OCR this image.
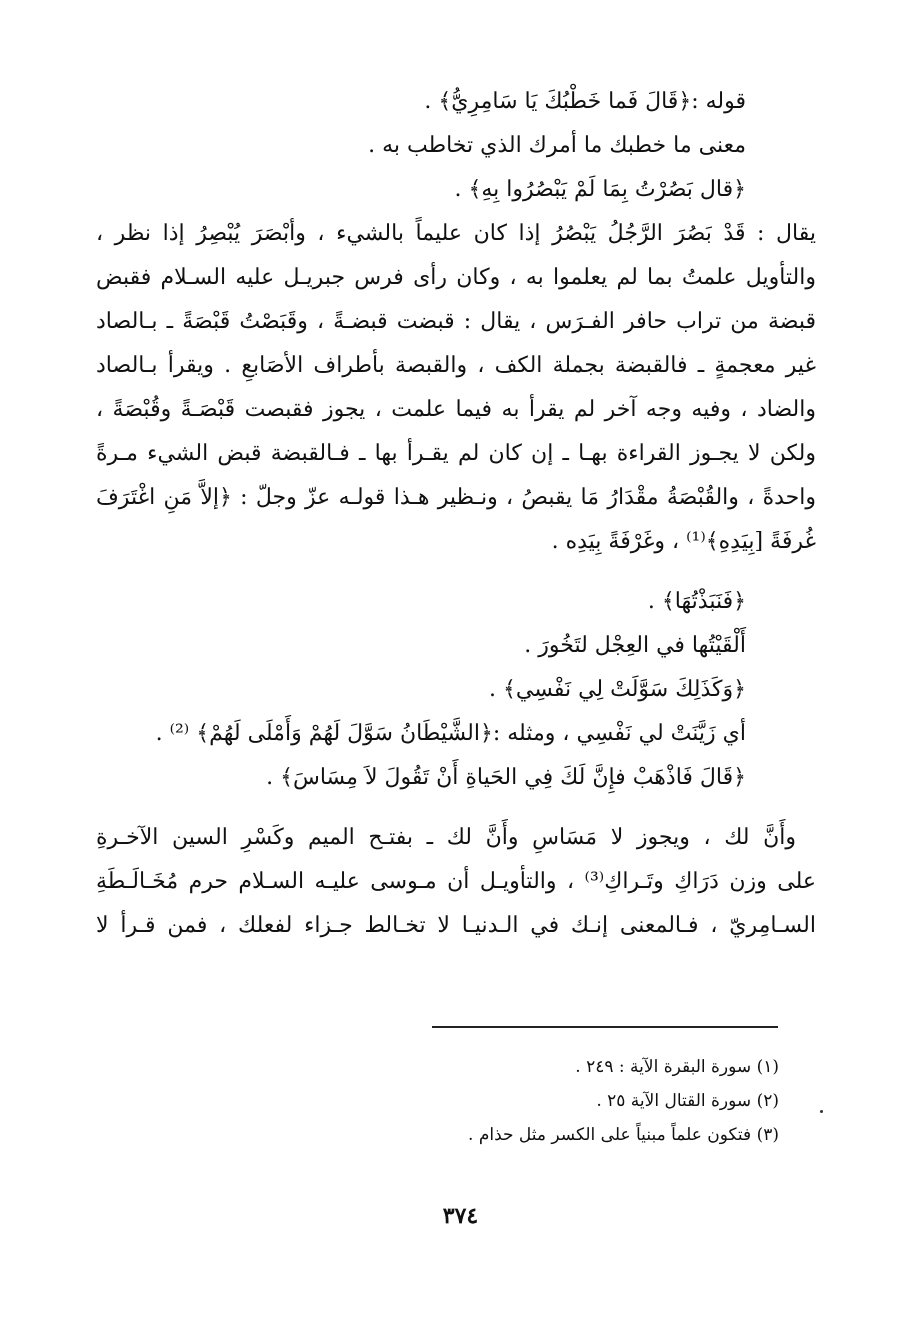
قوله :﴿قَالَ فَما خَطْبُكَ يَا سَامِرِيُّ﴾ .
معنى ما خطبك ما أمرك الذي تخاطب به .
﴿قال بَصُرْتُ بِمَا لَمْ يَبْصُرُوا بِهِ﴾ .
يقال : قَدْ بَصُرَ الرَّجُلُ يَبْصُرُ إذا كان عليماً بالشيء ، وأبْصَرَ يُبْصِرُ إذا نظر ،
والتأويل علمتُ بما لم يعلموا به ، وكان رأى فرس جبريـل عليه السـلام فقبض
قبضة من تراب حافر الفـرَس ، يقال : قبضت قبضـةً ، وقَبَصْتُ قَبْصَةً ـ بـالصاد
غير معجمةٍ ـ فالقبضة بجملة الكف ، والقبصة بأطراف الأصَابعِ . ويقرأ بـالصاد
والضاد ، وفيه وجه آخر لم يقرأ به فيما علمت ، يجوز فقبصت قَبْصَـةً وقُبْصَةً ،
ولكن لا يجـوز القراءة بهـا ـ إن كان لم يقـرأ بها ـ فـالقبضة قبض الشيء مـرةً
واحدةً ، والقُبْصَةُ مقْدَارُ مَا يقبصُ ، ونـظير هـذا قولـه عزّ وجلّ : ﴿إلاَّ مَنِ اغْتَرَفَ
غُرفَةً [بِيَدِهِ﴾⁽¹⁾ ، وغَرْفَةً بِيَدِه .
﴿فَنَبَذْتُهَا﴾ .
أَلْقَيْتُها في العِجْل لتَخُورَ .
﴿وَكَذَلِكَ سَوَّلَتْ لِي نَفْسِي﴾ .
أي زَيَّنَتْ لي نَفْسِي ، ومثله :﴿الشَّيْطَانُ سَوَّلَ لَهُمْ وَأَمْلَى لَهُمْ﴾ ⁽²⁾ .
﴿قَالَ فَاذْهَبْ فإِنَّ لَكَ فِي الحَياةِ أَنْ تَقُولَ لاَ مِسَاسَ﴾ .
وأَنَّ لك ، ويجوز لا مَسَاسِ وأَنَّ لك ـ بفتـح الميم وكَسْرِ السين الآخـرةِ
على وزن دَرَاكِ وتَـراكِ⁽³⁾ ، والتأويـل أن مـوسى عليـه السـلام حرم مُخَـالَـطَةِ
السـامِريّ ، فـالمعنى إنـك في الـدنيـا لا تخـالط جـزاء لفعلك ، فمن قـرأ لا
(١) سورة البقرة الآية : ٢٤٩ .
(٢) سورة القتال الآية ٢٥ .
(٣) فتكون علماً مبنياً على الكسر مثل حذام .
٣٧٤
